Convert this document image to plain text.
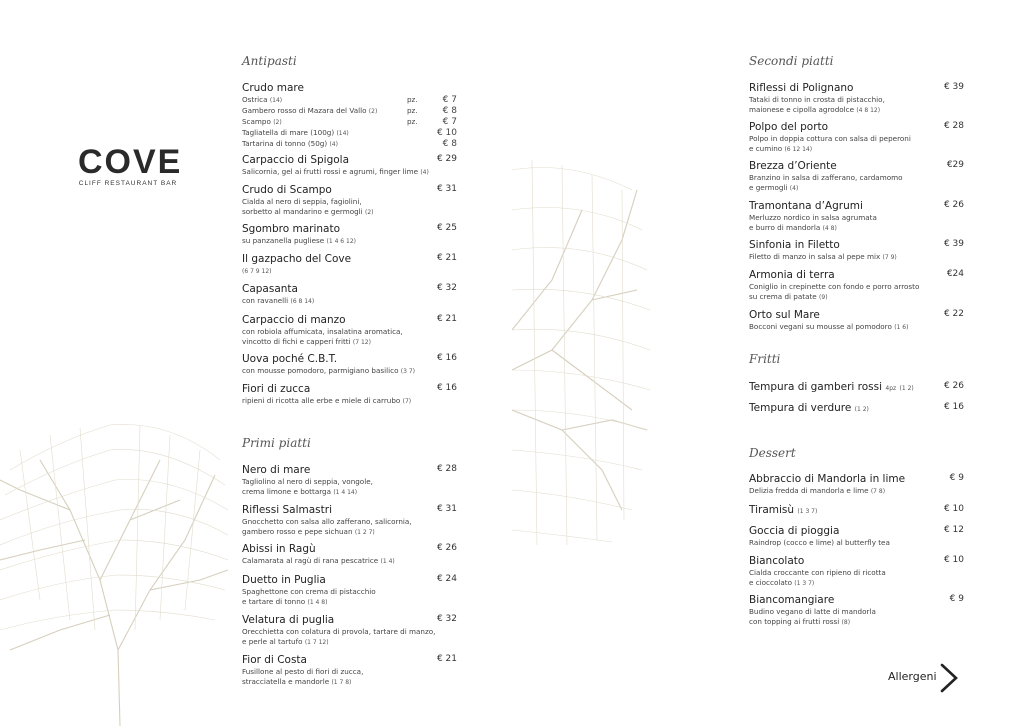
COVE
CLIFF RESTAURANT BAR
Antipasti
Crudo mare
Ostrica (14)	pz.	€ 7
Gambero rosso di Mazara del Vallo (2)	pz.	€ 8
Scampo (2)	pz.	€ 7
Tagliatella di mare (100g) (14)	€ 10
Tartarina di tonno (50g) (4)	€ 8
Carpaccio di Spigola	€ 29
Salicornia, gel ai frutti rossi e agrumi, finger lime (4)
Crudo di Scampo	€ 31
Cialda al nero di seppia, fagiolini,
sorbetto al mandarino e germogli (2)
Sgombro marinato	€ 25
su panzanella pugliese (1 4 6 12)
Il gazpacho del Cove	€ 21
(6 7 9 12)
Capasanta	€ 32
con ravanelli (6 8 14)
Carpaccio di manzo	€ 21
con robiola affumicata, insalatina aromatica,
vincotto di fichi e capperi fritti (7 12)
Uova poché C.B.T.	€ 16
con mousse pomodoro, parmigiano basilico (3 7)
Fiori di zucca	€ 16
ripieni di ricotta alle erbe e miele di carrubo (7)
Primi piatti
Nero di mare	€ 28
Tagliolino al nero di seppia, vongole,
crema limone e bottarga (1 4 14)
Riflessi Salmastri	€ 31
Gnocchetto con salsa allo zafferano, salicornia,
gambero rosso e pepe sichuan (1 2 7)
Abissi in Ragù	€ 26
Calamarata al ragù di rana pescatrice (1 4)
Duetto in Puglia	€ 24
Spaghettone con crema di pistacchio
e tartare di tonno (1 4 8)
Velatura di puglia	€ 32
Orecchietta con colatura di provola, tartare di manzo,
e perle al tartufo (1 7 12)
Fior di Costa	€ 21
Fusillone al pesto di fiori di zucca,
stracciatella e mandorle (1 7 8)
Secondi piatti
Riflessi di Polignano	€ 39
Tataki di tonno in crosta di pistacchio,
maionese e cipolla agrodolce (4 8 12)
Polpo del porto	€ 28
Polpo in doppia cottura con salsa di peperoni
e cumino (6 12 14)
Brezza d’Oriente	€29
Branzino in salsa di zafferano, cardamomo
e germogli (4)
Tramontana d’Agrumi	€ 26
Merluzzo nordico in salsa agrumata
e burro di mandorla (4 8)
Sinfonia in Filetto	€ 39
Filetto di manzo in salsa al pepe mix (7 9)
Armonia di terra	€24
Coniglio in crepinette con fondo e porro arrosto
su crema di patate (9)
Orto sul Mare	€ 22
Bocconi vegani su mousse al pomodoro (1 6)
Fritti
Tempura di gamberi rossi 4pz (1 2)	€ 26
Tempura di verdure (1 2)	€ 16
Dessert
Abbraccio di Mandorla in lime	€ 9
Delizia fredda di mandorla e lime (7 8)
Tiramisù (1 3 7)	€ 10
Goccia di pioggia	€ 12
Raindrop (cocco e lime) al butterfly tea
Biancolato	€ 10
Cialda croccante con ripieno di ricotta
e cioccolato (1 3 7)
Biancomangiare	€ 9
Budino vegano di latte di mandorla
con topping ai frutti rossi (8)
Allergeni
